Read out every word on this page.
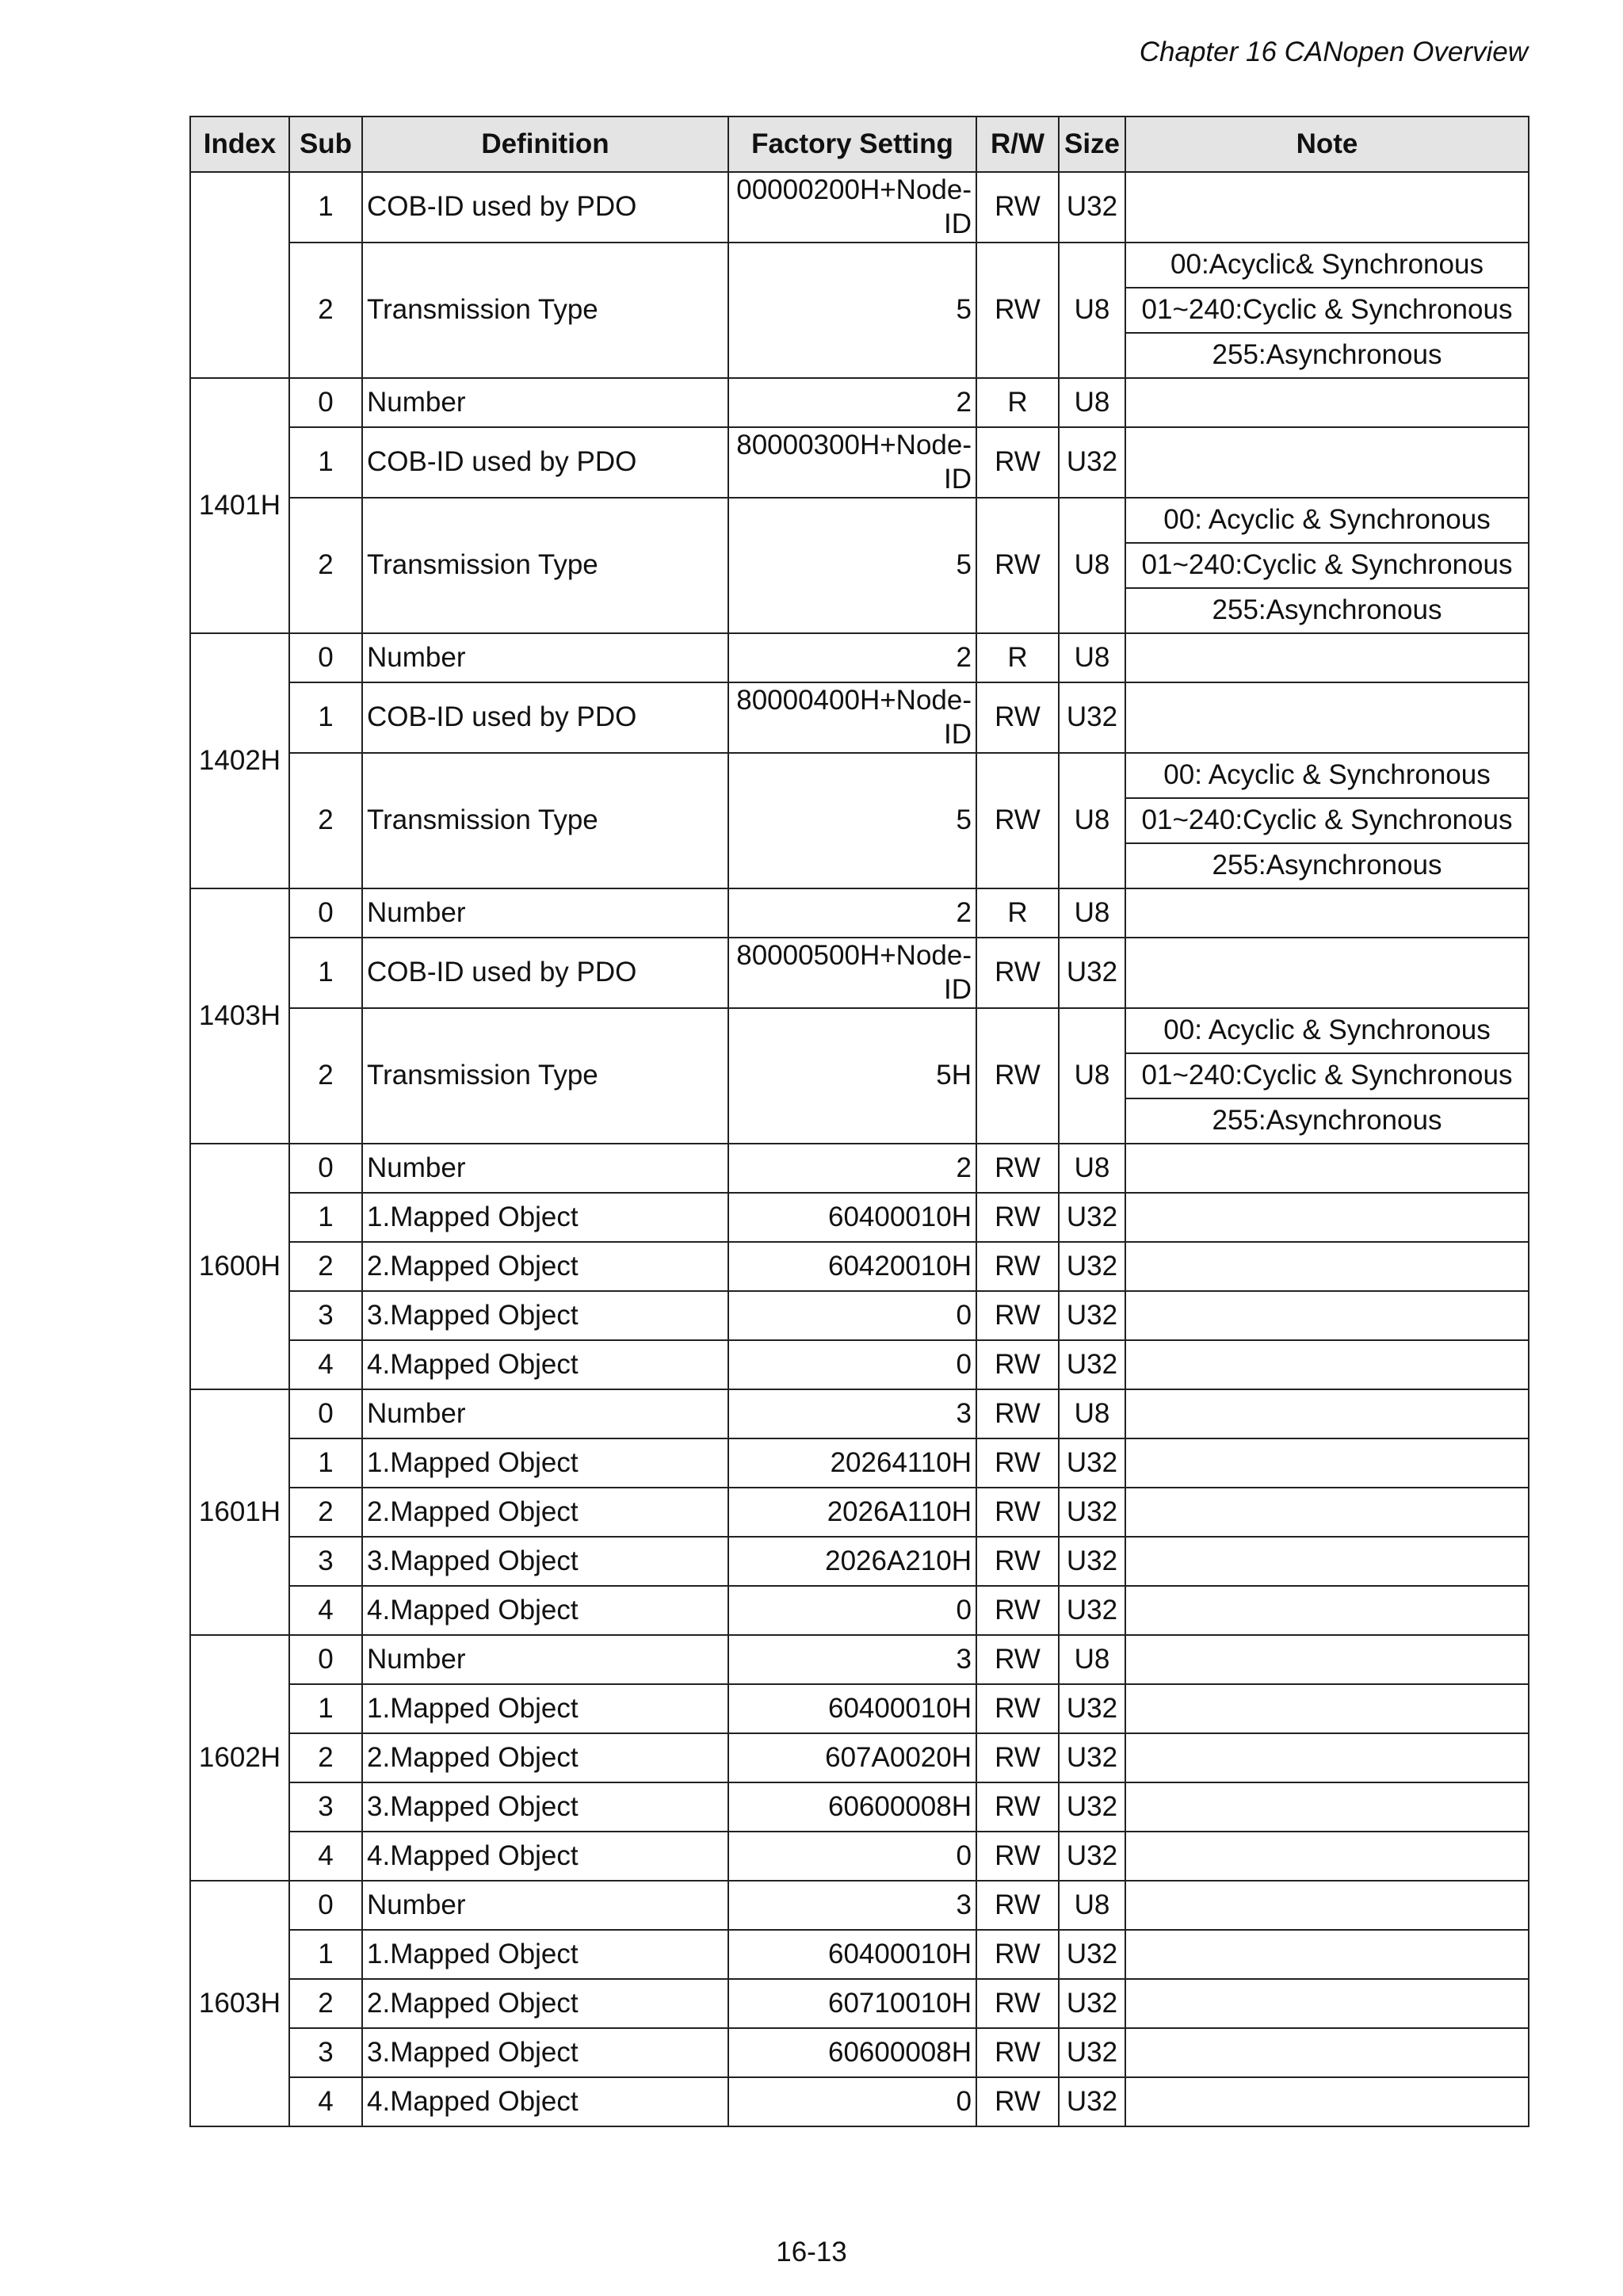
Chapter 16 CANopen Overview
Index	Sub	Definition	Factory Setting	R/W	Size	Note
	1	COB-ID used by PDO	00000200H+Node-ID	RW	U32	
	2	Transmission Type	5	RW	U8	00:Acyclic& Synchronous
						01~240:Cyclic & Synchronous
						255:Asynchronous
1401H	0	Number	2	R	U8	
	1	COB-ID used by PDO	80000300H+Node-ID	RW	U32	
	2	Transmission Type	5	RW	U8	00: Acyclic & Synchronous
						01~240:Cyclic & Synchronous
						255:Asynchronous
1402H	0	Number	2	R	U8	
	1	COB-ID used by PDO	80000400H+Node-ID	RW	U32	
	2	Transmission Type	5	RW	U8	00: Acyclic & Synchronous
						01~240:Cyclic & Synchronous
						255:Asynchronous
1403H	0	Number	2	R	U8	
	1	COB-ID used by PDO	80000500H+Node-ID	RW	U32	
	2	Transmission Type	5H	RW	U8	00: Acyclic & Synchronous
						01~240:Cyclic & Synchronous
						255:Asynchronous
1600H	0	Number	2	RW	U8	
	1	1.Mapped Object	60400010H	RW	U32	
	2	2.Mapped Object	60420010H	RW	U32	
	3	3.Mapped Object	0	RW	U32	
	4	4.Mapped Object	0	RW	U32	
1601H	0	Number	3	RW	U8	
	1	1.Mapped Object	20264110H	RW	U32	
	2	2.Mapped Object	2026A110H	RW	U32	
	3	3.Mapped Object	2026A210H	RW	U32	
	4	4.Mapped Object	0	RW	U32	
1602H	0	Number	3	RW	U8	
	1	1.Mapped Object	60400010H	RW	U32	
	2	2.Mapped Object	607A0020H	RW	U32	
	3	3.Mapped Object	60600008H	RW	U32	
	4	4.Mapped Object	0	RW	U32	
1603H	0	Number	3	RW	U8	
	1	1.Mapped Object	60400010H	RW	U32	
	2	2.Mapped Object	60710010H	RW	U32	
	3	3.Mapped Object	60600008H	RW	U32	
	4	4.Mapped Object	0	RW	U32	
16-13
